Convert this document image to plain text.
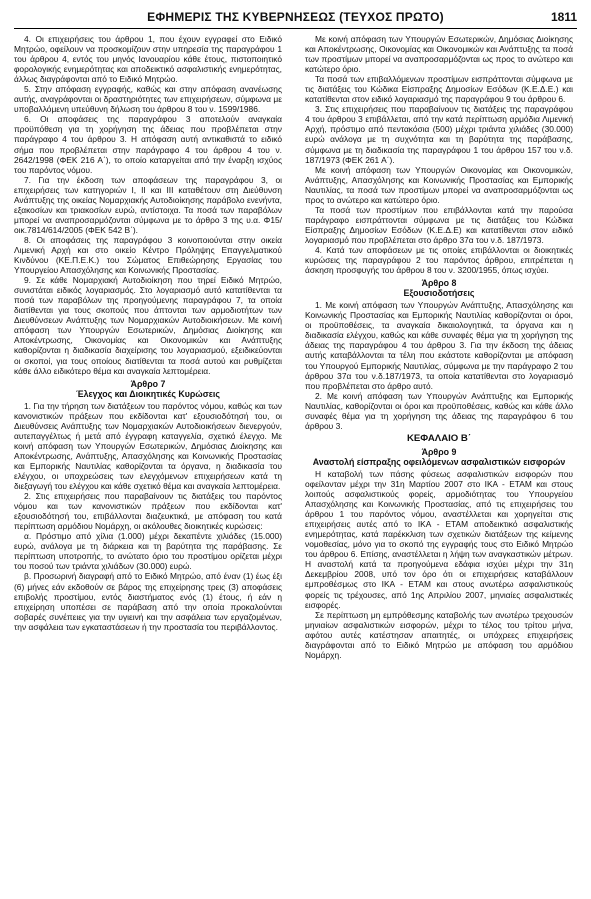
ΕΦΗΜΕΡΙΣ ΤΗΣ ΚΥΒΕΡΝΗΣΕΩΣ (ΤΕΥΧΟΣ ΠΡΩΤΟ)	1811

4. Οι επιχειρήσεις του άρθρου 1, που έχουν εγγραφεί στο Ειδικό Μητρώο, οφείλουν να προσκομίζουν στην υπηρεσία της παραγράφου 1 του άρθρου 4, εντός του μηνός Ιανουαρίου κάθε έτους, πιστοποιητικό φορολογικής ενημερότητας και αποδεικτικό ασφαλιστικής ενημερότητας, άλλως διαγράφονται από το Ειδικό Μητρώο.

5. Στην απόφαση εγγραφής, καθώς και στην απόφαση ανανέωσης αυτής, αναγράφονται οι δραστηριότητες των επιχειρήσεων, σύμφωνα με υποβαλλόμενη υπεύθυνη δήλωση του άρθρου 8 του ν. 1599/1986.

6. Οι αποφάσεις της παραγράφου 3 αποτελούν αναγκαία προϋπόθεση για τη χορήγηση της άδειας που προβλέπεται στην παράγραφο 4 του άρθρου 3. Η απόφαση αυτή αντικαθιστά το ειδικό σήμα που προβλέπεται στην παράγραφο 4 του άρθρου 4 του ν. 2642/1998 (ΦΕΚ 216 Α΄), το οποίο καταργείται από την έναρξη ισχύος του παρόντος νόμου.

7. Για την έκδοση των αποφάσεων της παραγράφου 3, οι επιχειρήσεις των κατηγοριών Ι, ΙΙ και ΙΙΙ καταθέτουν στη Διεύθυνση Ανάπτυξης της οικείας Νομαρχιακής Αυτοδιοίκησης παράβολο ενενήντα, εξακοσίων και τριακοσίων ευρώ, αντίστοιχα. Τα ποσά των παραβόλων μπορεί να αναπροσαρμόζονται σύμφωνα με το άρθρο 3 της υ.α. Φ15/οικ.7814/614/2005 (ΦΕΚ 542 Β΄).

8. Οι αποφάσεις της παραγράφου 3 κοινοποιούνται στην οικεία Λιμενική Αρχή και στο οικείο Κέντρο Πρόληψης Επαγγελματικού Κινδύνου (ΚΕ.Π.Ε.Κ.) του Σώματος Επιθεώρησης Εργασίας του Υπουργείου Απασχόλησης και Κοινωνικής Προστασίας.

9. Σε κάθε Νομαρχιακή Αυτοδιοίκηση που τηρεί Ειδικό Μητρώο, συνιστάται ειδικός λογαριασμός. Στο λογαριασμό αυτό κατατίθενται τα ποσά των παραβόλων της προηγούμενης παραγράφου 7, τα οποία διατίθενται για τους σκοπούς που άπτονται των αρμοδιοτήτων των Διευθύνσεων Ανάπτυξης των Νομαρχιακών Αυτοδιοικήσεων. Με κοινή απόφαση των Υπουργών Εσωτερικών, Δημόσιας Διοίκησης και Αποκέντρωσης, Οικονομίας και Οικονομικών και Ανάπτυξης καθορίζονται η διαδικασία διαχείρισης του λογαριασμού, εξειδικεύονται οι σκοποί, για τους οποίους διατίθενται τα ποσά αυτού και ρυθμίζεται κάθε άλλο ειδικότερο θέμα και αναγκαία λεπτομέρεια.

Άρθρο 7

Έλεγχος και Διοικητικές Κυρώσεις

1. Για την τήρηση των διατάξεων του παρόντος νόμου, καθώς και των κανονιστικών πράξεων που εκδίδονται κατ' εξουσιοδότησή του, οι Διευθύνσεις Ανάπτυξης των Νομαρχιακών Αυτοδιοικήσεων διενεργούν, αυτεπαγγέλτως ή μετά από έγγραφη καταγγελία, σχετικό έλεγχο. Με κοινή απόφαση των Υπουργών Εσωτερικών, Δημόσιας Διοίκησης και Αποκέντρωσης, Ανάπτυξης, Απασχόλησης και Κοινωνικής Προστασίας και Εμπορικής Ναυτιλίας καθορίζονται τα όργανα, η διαδικασία του ελέγχου, οι υποχρεώσεις των ελεγχόμενων επιχειρήσεων κατά τη διεξαγωγή του ελέγχου και κάθε σχετικό θέμα και αναγκαία λεπτομέρεια.

2. Στις επιχειρήσεις που παραβαίνουν τις διατάξεις του παρόντος νόμου και των κανονιστικών πράξεων που εκδίδονται κατ' εξουσιοδότησή του, επιβάλλονται διαζευκτικά, με απόφαση του κατά περίπτωση αρμόδιου Νομάρχη, οι ακόλουθες διοικητικές κυρώσεις:

α. Πρόστιμο από χίλια (1.000) μέχρι δεκαπέντε χιλιάδες (15.000) ευρώ, ανάλογα με τη διάρκεια και τη βαρύτητα της παράβασης. Σε περίπτωση υποτροπής, το ανώτατο όριο του προστίμου ορίζεται μέχρι του ποσού των τριάντα χιλιάδων (30.000) ευρώ.

β. Προσωρινή διαγραφή από το Ειδικό Μητρώο, από έναν (1) έως έξι (6) μήνες εάν εκδοθούν σε βάρος της επιχείρησης τρεις (3) αποφάσεις επιβολής προστίμου, εντός διαστήματος ενός (1) έτους, ή εάν η επιχείρηση υποπέσει σε παράβαση από την οποία προκαλούνται σοβαρές συνέπειες για την υγιεινή και την ασφάλεια των εργαζομένων, την ασφάλεια των εγκαταστάσεων ή την προστασία του περιβάλλοντος.

Με κοινή απόφαση των Υπουργών Εσωτερικών, Δημόσιας Διοίκησης και Αποκέντρωσης, Οικονομίας και Οικονομικών και Ανάπτυξης τα ποσά των προστίμων μπορεί να αναπροσαρμόζονται ως προς το ανώτερο και κατώτερο όριο.

Τα ποσά των επιβαλλόμενων προστίμων εισπράττονται σύμφωνα με τις διατάξεις του Κώδικα Είσπραξης Δημοσίων Εσόδων (Κ.Ε.Δ.Ε.) και κατατίθενται στον ειδικό λογαριασμό της παραγράφου 9 του άρθρου 6.

3. Στις επιχειρήσεις που παραβαίνουν τις διατάξεις της παραγράφου 4 του άρθρου 3 επιβάλλεται, από την κατά περίπτωση αρμόδια Λιμενική Αρχή, πρόστιμο από πεντακόσια (500) μέχρι τριάντα χιλιάδες (30.000) ευρώ ανάλογα με τη συχνότητα και τη βαρύτητα της παράβασης, σύμφωνα με τη διαδικασία της παραγράφου 1 του άρθρου 157 του ν.δ. 187/1973 (ΦΕΚ 261 Α΄).

Με κοινή απόφαση των Υπουργών Οικονομίας και Οικονομικών, Ανάπτυξης, Απασχόλησης και Κοινωνικής Προστασίας και Εμπορικής Ναυτιλίας, τα ποσά των προστίμων μπορεί να αναπροσαρμόζονται ως προς το ανώτερο και κατώτερο όριο.

Τα ποσά των προστίμων που επιβάλλονται κατά την παρούσα παράγραφο εισπράττονται σύμφωνα με τις διατάξεις του Κώδικα Είσπραξης Δημοσίων Εσόδων (Κ.Ε.Δ.Ε) και κατατίθενται στον ειδικό λογαριασμό που προβλέπεται στο άρθρο 37α του ν.δ. 187/1973.

4. Κατά των αποφάσεων με τις οποίες επιβάλλονται οι διοικητικές κυρώσεις της παραγράφου 2 του παρόντος άρθρου, επιτρέπεται η άσκηση προσφυγής του άρθρου 8 του ν. 3200/1955, όπως ισχύει.

Άρθρο 8

Εξουσιοδοτήσεις

1. Με κοινή απόφαση των Υπουργών Ανάπτυξης, Απασχόλησης και Κοινωνικής Προστασίας και Εμπορικής Ναυτιλίας καθορίζονται οι όροι, οι προϋποθέσεις, τα αναγκαία δικαιολογητικά, τα όργανα και η διαδικασία ελέγχου, καθώς και κάθε συναφές θέμα για τη χορήγηση της άδειας της παραγράφου 4 του άρθρου 3. Για την έκδοση της άδειας αυτής καταβάλλονται τα τέλη που εκάστοτε καθορίζονται με απόφαση του Υπουργού Εμπορικής Ναυτιλίας, σύμφωνα με την παράγραφο 2 του άρθρου 37α του ν.δ.187/1973, τα οποία κατατίθενται στο λογαριασμό που προβλέπεται στο άρθρο αυτό.

2. Με κοινή απόφαση των Υπουργών Ανάπτυξης και Εμπορικής Ναυτιλίας, καθορίζονται οι όροι και προϋποθέσεις, καθώς και κάθε άλλο συναφές θέμα για τη χορήγηση της άδειας της παραγράφου 6 του άρθρου 3.

ΚΕΦΑΛΑΙΟ Β΄

Άρθρο 9

Αναστολή είσπραξης οφειλόμενων ασφαλιστικών εισφορών

Η καταβολή των πάσης φύσεως ασφαλιστικών εισφορών που οφείλονταν μέχρι την 31η Μαρτίου 2007 στο ΙΚΑ - ΕΤΑΜ και στους λοιπούς ασφαλιστικούς φορείς, αρμοδιότητας του Υπουργείου Απασχόλησης και Κοινωνικής Προστασίας, από τις επιχειρήσεις του άρθρου 1 του παρόντος νόμου, αναστέλλεται και χορηγείται στις επιχειρήσεις αυτές από το ΙΚΑ - ΕΤΑΜ αποδεικτικό ασφαλιστικής ενημερότητας, κατά παρέκκλιση των σχετικών διατάξεων της κείμενης νομοθεσίας, μόνο για το σκοπό της εγγραφής τους στο Ειδικό Μητρώο του άρθρου 6. Επίσης, αναστέλλεται η λήψη των αναγκαστικών μέτρων. Η αναστολή κατά τα προηγούμενα εδάφια ισχύει μέχρι την 31η Δεκεμβρίου 2008, υπό τον όρο ότι οι επιχειρήσεις καταβάλλουν εμπροθέσμως στο ΙΚΑ - ΕΤΑΜ και στους ανωτέρω ασφαλιστικούς φορείς τις τρέχουσες, από 1ης Απριλίου 2007, μηνιαίες ασφαλιστικές εισφορές.

Σε περίπτωση μη εμπρόθεσμης καταβολής των ανωτέρω τρεχουσών μηνιαίων ασφαλιστικών εισφορών, μέχρι το τέλος του τρίτου μήνα, αφότου αυτές κατέστησαν απαιτητές, οι υπόχρεες επιχειρήσεις διαγράφονται από το Ειδικό Μητρώο με απόφαση του αρμόδιου Νομάρχη.
